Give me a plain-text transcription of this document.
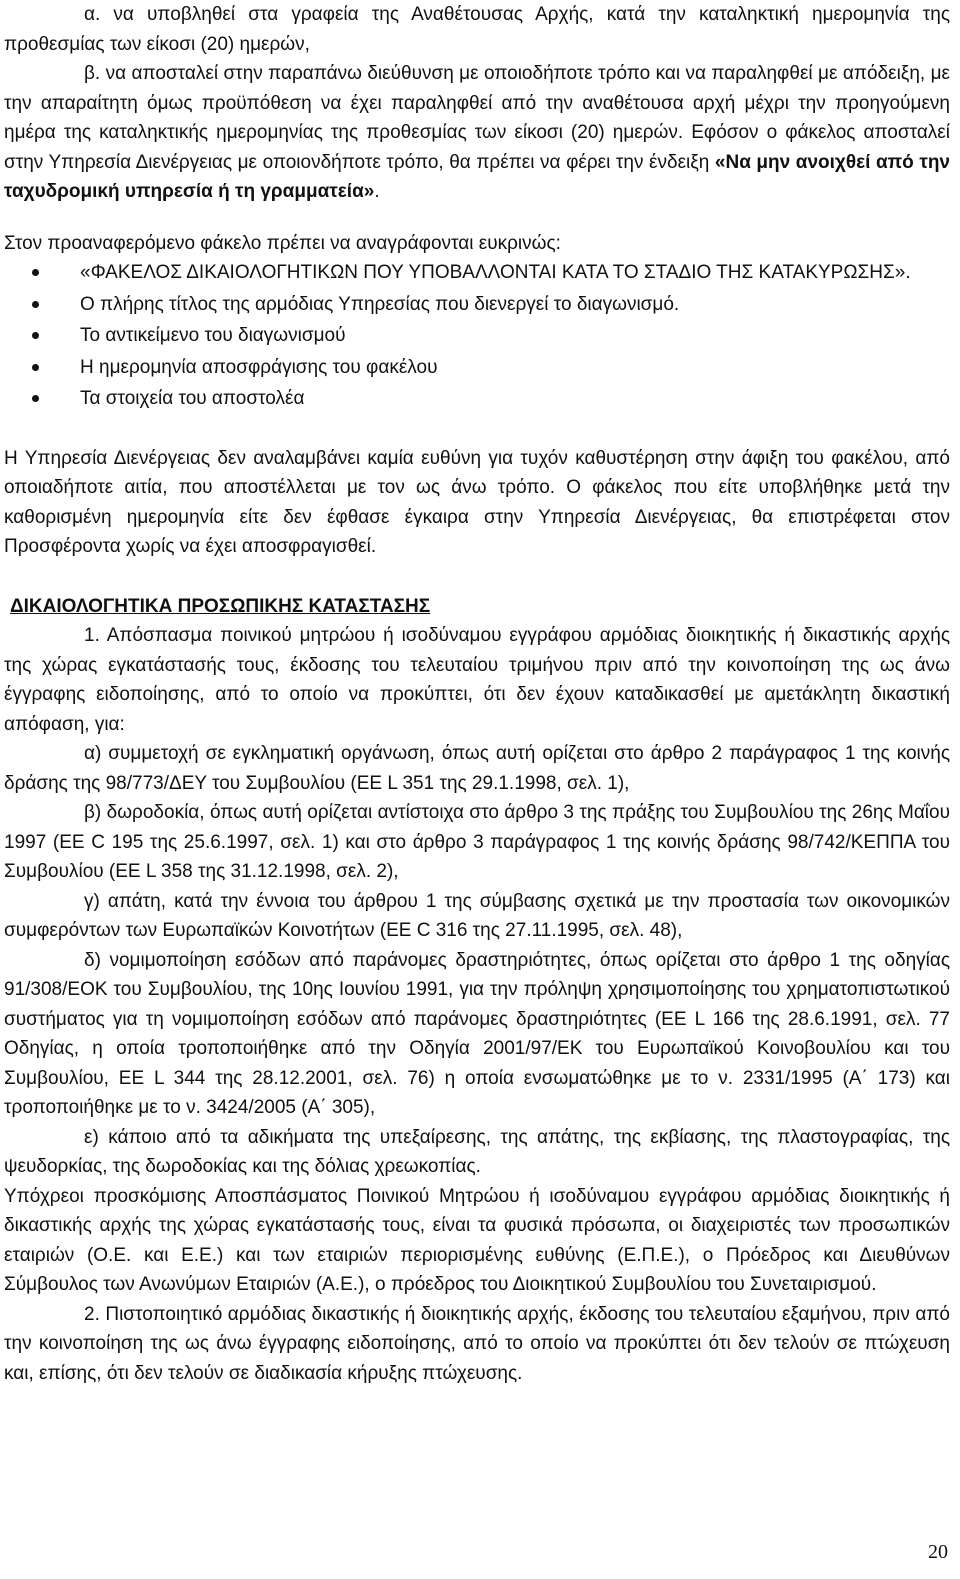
α. να υποβληθεί στα γραφεία της Αναθέτουσας Αρχής, κατά την καταληκτική ημερομηνία της προθεσμίας των είκοσι (20) ημερών,

β. να αποσταλεί στην παραπάνω διεύθυνση με οποιοδήποτε τρόπο και να παραληφθεί με απόδειξη, με την απαραίτητη όμως προϋπόθεση να έχει παραληφθεί από την αναθέτουσα αρχή μέχρι την προηγούμενη ημέρα της καταληκτικής ημερομηνίας της προθεσμίας των είκοσι (20) ημερών. Εφόσον ο φάκελος αποσταλεί στην Υπηρεσία Διενέργειας με οποιονδήποτε τρόπο, θα πρέπει να φέρει την ένδειξη «Να μην ανοιχθεί από την ταχυδρομική υπηρεσία ή τη γραμματεία».

Στον προαναφερόμενο φάκελο πρέπει να αναγράφονται ευκρινώς:

«ΦΑΚΕΛΟΣ ΔΙΚΑΙΟΛΟΓΗΤΙΚΩΝ ΠΟΥ ΥΠΟΒΑΛΛΟΝΤΑΙ ΚΑΤΑ ΤΟ ΣΤΑΔΙΟ ΤΗΣ ΚΑΤΑΚΥΡΩΣΗΣ».
Ο πλήρης τίτλος της αρμόδιας Υπηρεσίας που διενεργεί το διαγωνισμό.
Το αντικείμενο του διαγωνισμού
Η ημερομηνία αποσφράγισης του φακέλου
Τα στοιχεία του αποστολέα

Η Υπηρεσία Διενέργειας δεν αναλαμβάνει καμία ευθύνη για τυχόν καθυστέρηση στην άφιξη του φακέλου, από οποιαδήποτε αιτία, που αποστέλλεται με τον ως άνω τρόπο. Ο φάκελος που είτε υποβλήθηκε μετά την καθορισμένη ημερομηνία είτε δεν έφθασε έγκαιρα στην Υπηρεσία Διενέργειας, θα επιστρέφεται στον Προσφέροντα χωρίς να έχει αποσφραγισθεί.

ΔΙΚΑΙΟΛΟΓΗΤΙΚΑ ΠΡΟΣΩΠΙΚΗΣ ΚΑΤΑΣΤΑΣΗΣ

1. Απόσπασμα ποινικού μητρώου ή ισοδύναμου εγγράφου αρμόδιας διοικητικής ή δικαστικής αρχής της χώρας εγκατάστασής τους, έκδοσης του τελευταίου τριμήνου πριν από την κοινοποίηση της ως άνω έγγραφης ειδοποίησης, από το οποίο να προκύπτει, ότι δεν έχουν καταδικασθεί με αμετάκλητη δικαστική απόφαση, για:

α) συμμετοχή σε εγκληματική οργάνωση, όπως αυτή ορίζεται στο άρθρο 2 παράγραφος 1 της κοινής δράσης της 98/773/ΔΕΥ του Συμβουλίου (ΕΕ L 351 της 29.1.1998, σελ. 1),

β) δωροδοκία, όπως αυτή ορίζεται αντίστοιχα στο άρθρο 3 της πράξης του Συμβουλίου της 26ης Μαΐου 1997 (ΕΕ C 195 της 25.6.1997, σελ. 1) και στο άρθρο 3 παράγραφος 1 της κοινής δράσης 98/742/ΚΕΠΠΑ του Συμβουλίου (ΕΕ L 358 της 31.12.1998, σελ. 2),

γ) απάτη, κατά την έννοια του άρθρου 1 της σύμβασης σχετικά με την προστασία των οικονομικών συμφερόντων των Ευρωπαϊκών Κοινοτήτων (ΕΕ C 316 της 27.11.1995, σελ. 48),

δ) νομιμοποίηση εσόδων από παράνομες δραστηριότητες, όπως ορίζεται στο άρθρο 1 της οδηγίας 91/308/ΕΟΚ του Συμβουλίου, της 10ης Ιουνίου 1991, για την πρόληψη χρησιμοποίησης του χρηματοπιστωτικού συστήματος για τη νομιμοποίηση εσόδων από παράνομες δραστηριότητες (ΕΕ L 166 της 28.6.1991, σελ. 77 Οδηγίας, η οποία τροποποιήθηκε από την Οδηγία 2001/97/ΕΚ του Ευρωπαϊκού Κοινοβουλίου και του Συμβουλίου, ΕΕ L 344 της 28.12.2001, σελ. 76) η οποία ενσωματώθηκε με το ν. 2331/1995 (Α΄ 173) και τροποποιήθηκε με το ν. 3424/2005 (Α΄ 305),

ε) κάποιο από τα αδικήματα της υπεξαίρεσης, της απάτης, της εκβίασης, της πλαστογραφίας, της ψευδορκίας, της δωροδοκίας και της δόλιας χρεωκοπίας.

Υπόχρεοι προσκόμισης Αποσπάσματος Ποινικού Μητρώου ή ισοδύναμου εγγράφου αρμόδιας διοικητικής ή δικαστικής αρχής της χώρας εγκατάστασής τους, είναι τα φυσικά πρόσωπα, οι διαχειριστές των προσωπικών εταιριών (Ο.Ε. και Ε.Ε.) και των εταιριών περιορισμένης ευθύνης (Ε.Π.Ε.), ο Πρόεδρος και Διευθύνων Σύμβουλος των Ανωνύμων Εταιριών (Α.Ε.), ο πρόεδρος του Διοικητικού Συμβουλίου του Συνεταιρισμού.

2. Πιστοποιητικό αρμόδιας δικαστικής ή διοικητικής αρχής, έκδοσης του τελευταίου εξαμήνου, πριν από την κοινοποίηση της ως άνω έγγραφης ειδοποίησης, από το οποίο να προκύπτει ότι δεν τελούν σε πτώχευση και, επίσης, ότι δεν τελούν σε διαδικασία κήρυξης πτώχευσης.

20
